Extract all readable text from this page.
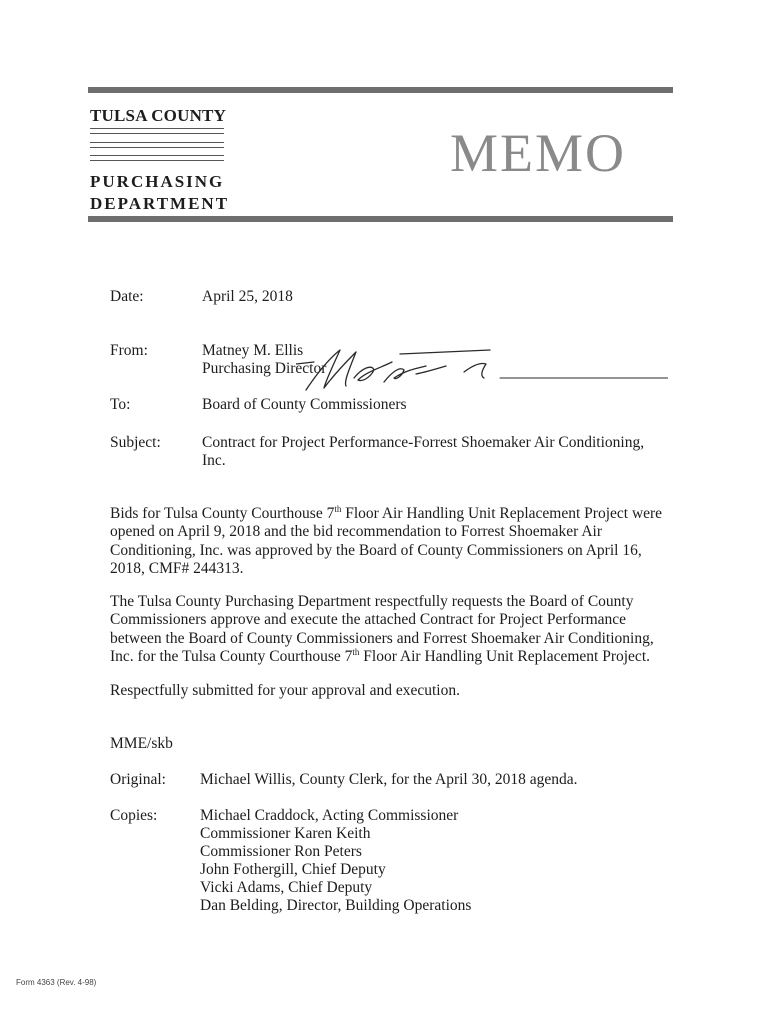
TULSA COUNTY
PURCHASING
DEPARTMENT
MEMO
Date:	April 25, 2018
From:	Matney M. Ellis
Purchasing Director
To:	Board of County Commissioners
Subject:	Contract for Project Performance-Forrest Shoemaker Air Conditioning,
Inc.

Bids for Tulsa County Courthouse 7th Floor Air Handling Unit Replacement Project were opened on April 9, 2018 and the bid recommendation to Forrest Shoemaker Air Conditioning, Inc. was approved by the Board of County Commissioners on April 16, 2018, CMF# 244313.

The Tulsa County Purchasing Department respectfully requests the Board of County Commissioners approve and execute the attached Contract for Project Performance between the Board of County Commissioners and Forrest Shoemaker Air Conditioning, Inc. for the Tulsa County Courthouse 7th Floor Air Handling Unit Replacement Project.

Respectfully submitted for your approval and execution.
MME/skb
Original: Michael Willis, County Clerk, for the April 30, 2018 agenda.
Copies:	Michael Craddock, Acting Commissioner
Commissioner Karen Keith
Commissioner Ron Peters
John Fothergill, Chief Deputy
Vicki Adams, Chief Deputy
Dan Belding, Director, Building Operations
Form 4363 (Rev. 4-98)
